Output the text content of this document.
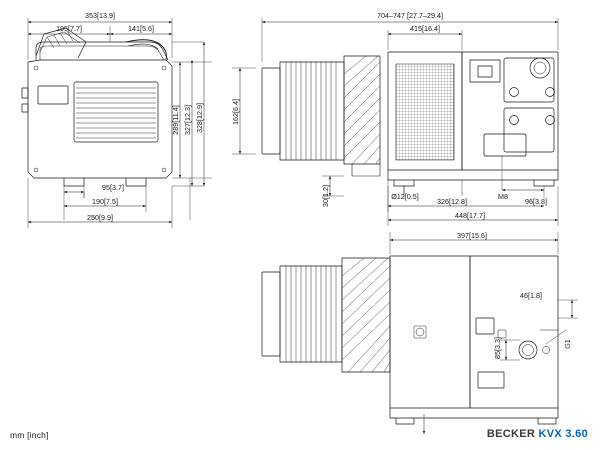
353[13.9]
195[7.7]	141[5.6]
289[11.4] 327[12.3] 328[12.9]
95[3.7]
190[7.5]
250[9.9]
704–747 [27.7–29.4]
415[16.4]
162[6.4]
30[1.2]	Ø12[0.5]
326[12.8]
M8
96[3.8]
448[17.7]
397[15.6]
46[1.8]
85[3.3]	G1
mm [inch]	BECKER KVX 3.60
